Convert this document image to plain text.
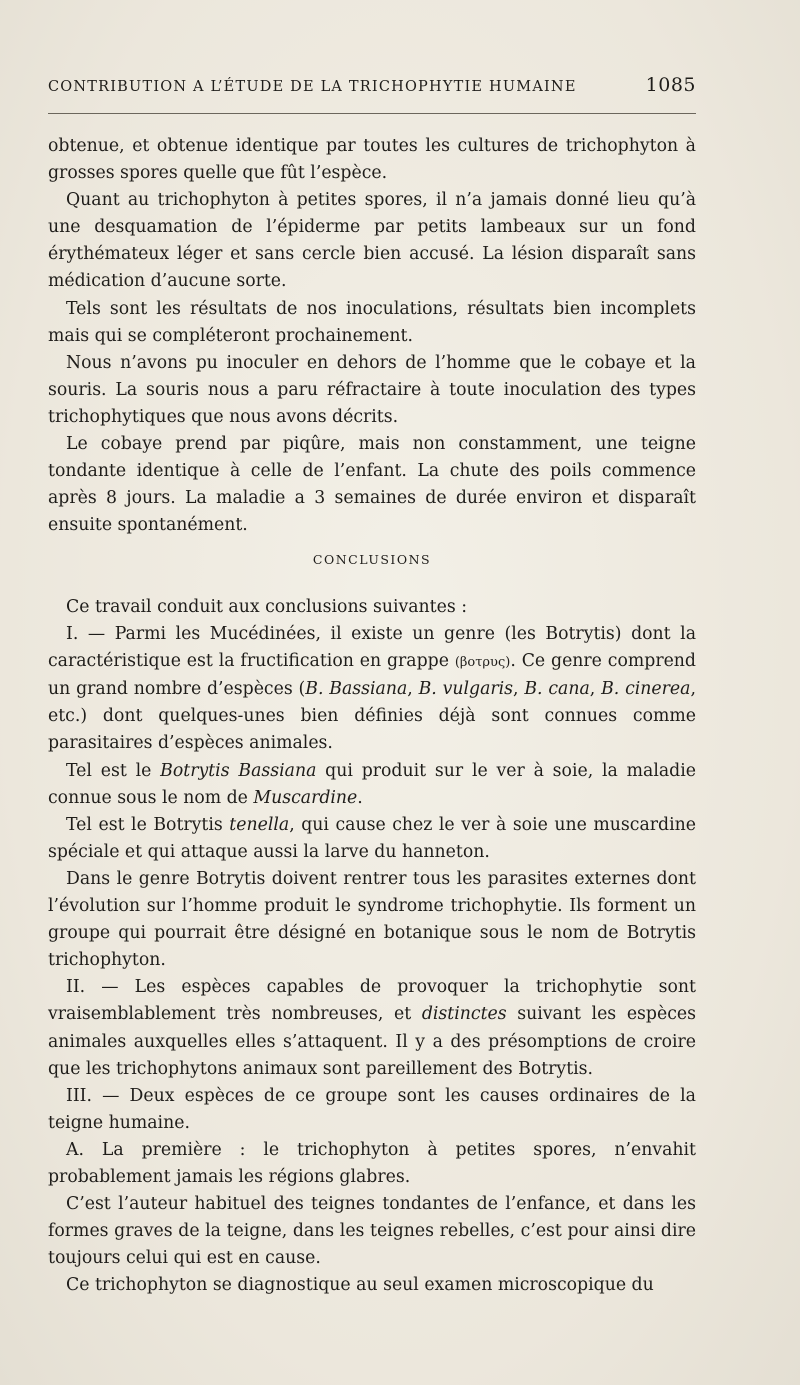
CONTRIBUTION A L’ÉTUDE DE LA TRICHOPHYTIE HUMAINE	1085

obtenue, et obtenue identique par toutes les cultures de trichophyton à grosses spores quelle que fût l’espèce.

Quant au trichophyton à petites spores, il n’a jamais donné lieu qu’à une desquamation de l’épiderme par petits lambeaux sur un fond érythémateux léger et sans cercle bien accusé. La lésion disparaît sans médication d’aucune sorte.

Tels sont les résultats de nos inoculations, résultats bien incomplets mais qui se compléteront prochainement.

Nous n’avons pu inoculer en dehors de l’homme que le cobaye et la souris. La souris nous a paru réfractaire à toute inoculation des types trichophytiques que nous avons décrits.

Le cobaye prend par piqûre, mais non constamment, une teigne tondante identique à celle de l’enfant. La chute des poils commence après 8 jours. La maladie a 3 semaines de durée environ et disparaît ensuite spontanément.

CONCLUSIONS

Ce travail conduit aux conclusions suivantes :

I. — Parmi les Mucédinées, il existe un genre (les Botrytis) dont la caractéristique est la fructification en grappe (βοτρυς). Ce genre comprend un grand nombre d’espèces (B. Bassiana, B. vulgaris, B. cana, B. cinerea, etc.) dont quelques-unes bien définies déjà sont connues comme parasitaires d’espèces animales.

Tel est le Botrytis Bassiana qui produit sur le ver à soie, la maladie connue sous le nom de Muscardine.

Tel est le Botrytis tenella, qui cause chez le ver à soie une muscardine spéciale et qui attaque aussi la larve du hanneton.

Dans le genre Botrytis doivent rentrer tous les parasites externes dont l’évolution sur l’homme produit le syndrome trichophytie. Ils forment un groupe qui pourrait être désigné en botanique sous le nom de Botrytis trichophyton.

II. — Les espèces capables de provoquer la trichophytie sont vraisemblablement très nombreuses, et distinctes suivant les espèces animales auxquelles elles s’attaquent. Il y a des présomptions de croire que les trichophytons animaux sont pareillement des Botrytis.

III. — Deux espèces de ce groupe sont les causes ordinaires de la teigne humaine.

A. La première : le trichophyton à petites spores, n’envahit probablement jamais les régions glabres.

C’est l’auteur habituel des teignes tondantes de l’enfance, et dans les formes graves de la teigne, dans les teignes rebelles, c’est pour ainsi dire toujours celui qui est en cause.

Ce trichophyton se diagnostique au seul examen microscopique du
